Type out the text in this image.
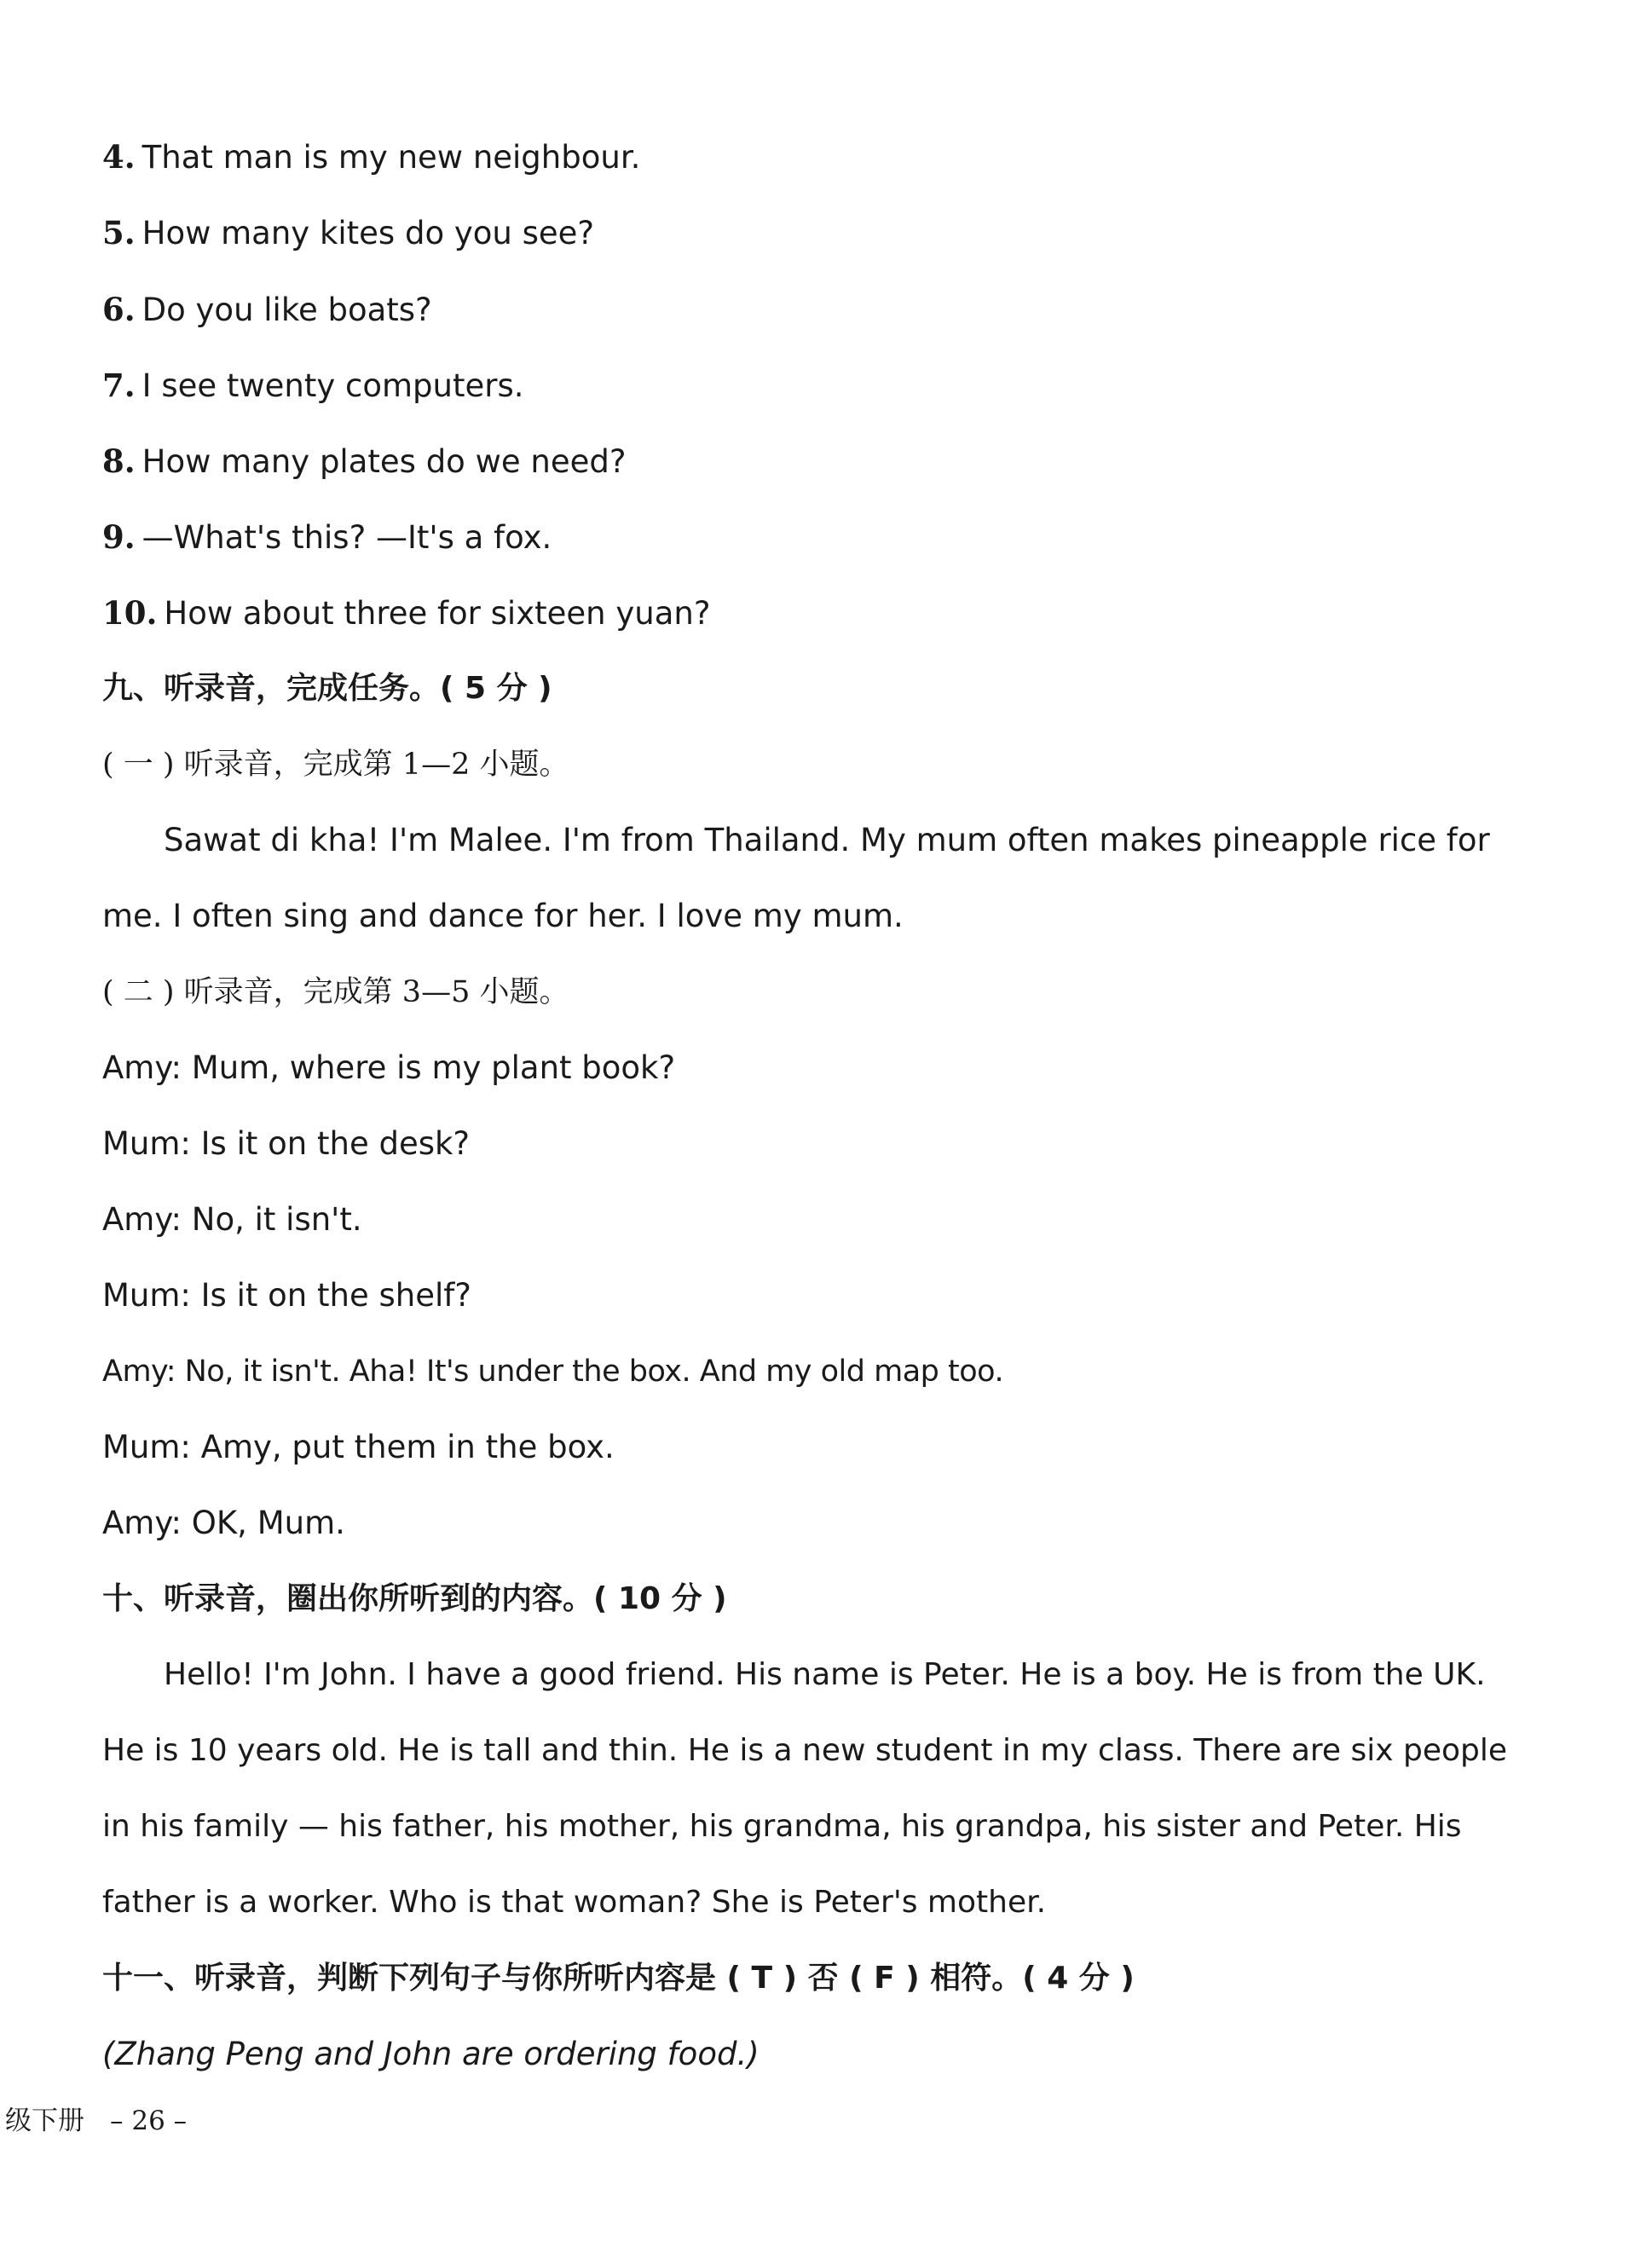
4. That man is my new neighbour.
5. How many kites do you see?
6. Do you like boats?
7. I see twenty computers.
8. How many plates do we need?
9. —What's this? —It's a fox.
10. How about three for sixteen yuan?
九、听录音，完成任务。( 5 分 )
( 一 ) 听录音，完成第 1—2 小题。
Sawat di kha! I'm Malee. I'm from Thailand. My mum often makes pineapple rice for
me. I often sing and dance for her. I love my mum.
( 二 ) 听录音，完成第 3—5 小题。
Amy: Mum, where is my plant book?
Mum: Is it on the desk?
Amy: No, it isn't.
Mum: Is it on the shelf?
Amy: No, it isn't. Aha! It's under the box. And my old map too.
Mum: Amy, put them in the box.
Amy: OK, Mum.
十、听录音，圈出你所听到的内容。( 10 分 )
Hello! I'm John. I have a good friend. His name is Peter. He is a boy. He is from the UK.
He is 10 years old. He is tall and thin. He is a new student in my class. There are six people
in his family — his father, his mother, his grandma, his grandpa, his sister and Peter. His
father is a worker. Who is that woman? She is Peter's mother.
十一、听录音，判断下列句子与你所听内容是 ( T ) 否 ( F ) 相符。( 4 分 )
(Zhang Peng and John are ordering food.)
级下册 – 26 –
